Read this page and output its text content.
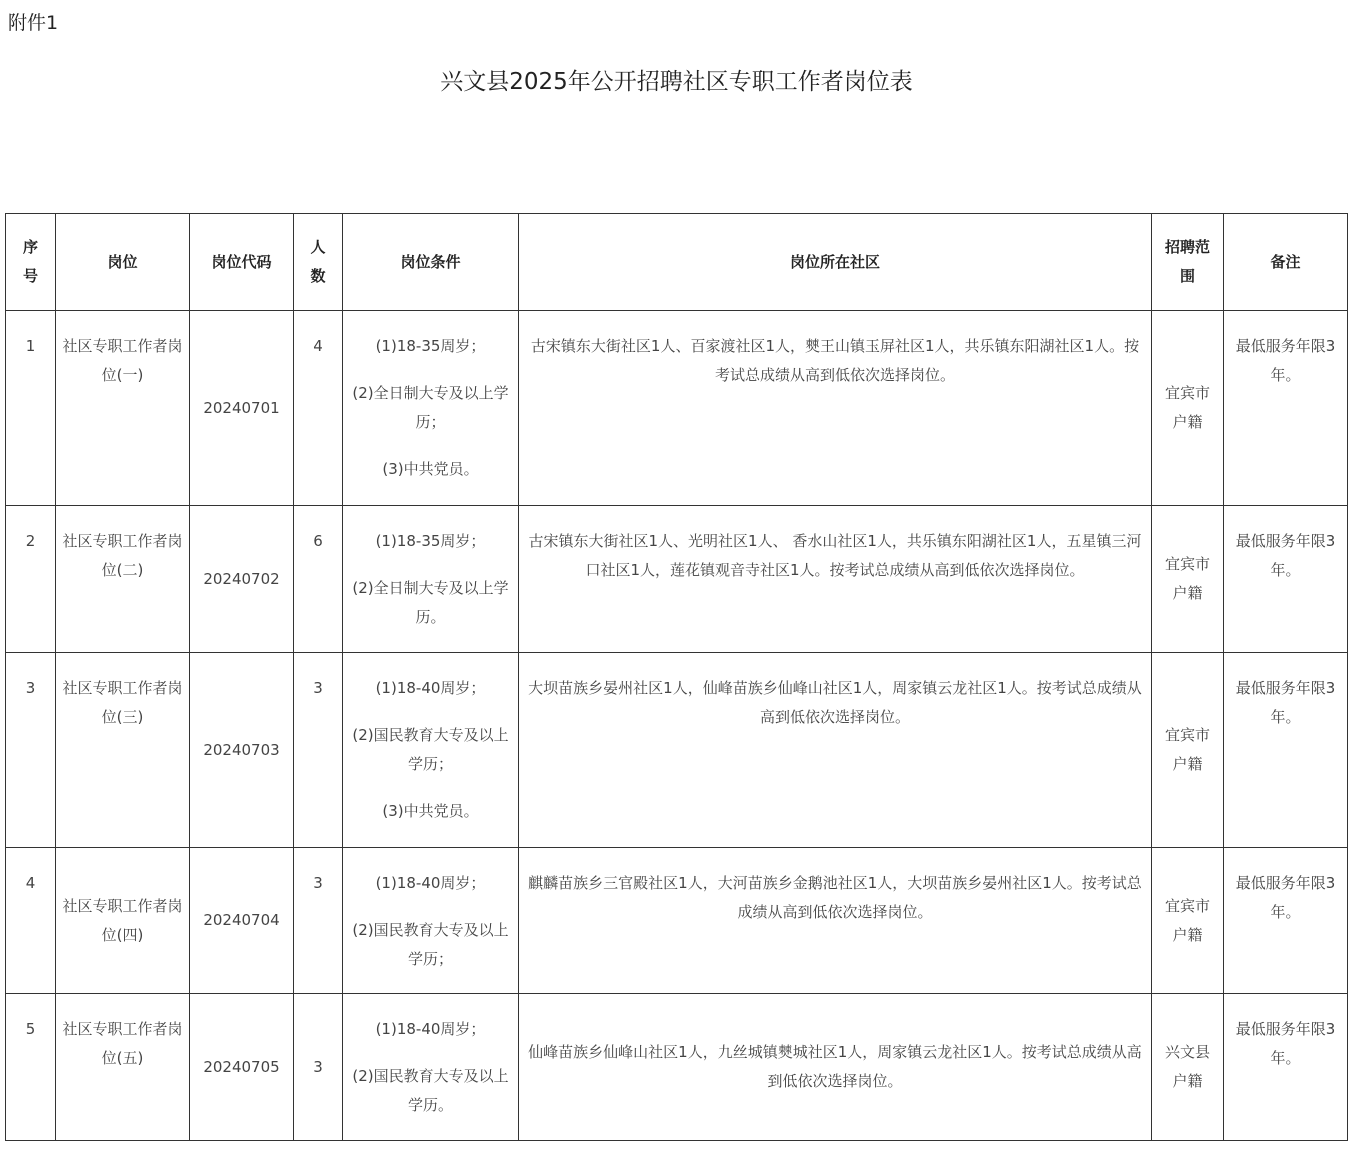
附件1
兴文县2025年公开招聘社区专职工作者岗位表
序号	岗位	岗位代码	人数	岗位条件	岗位所在社区	招聘范围	备注
1	社区专职工作者岗位(一)	20240701	4	(1)18-35周岁；

(2)全日制大专及以上学历；

(3)中共党员。	古宋镇东大街社区1人、百家渡社区1人，僰王山镇玉屏社区1人，共乐镇东阳湖社区1人。按考试总成绩从高到低依次选择岗位。	宜宾市户籍	最低服务年限3年。
2	社区专职工作者岗位(二)	20240702	6	(1)18-35周岁；

(2)全日制大专及以上学历。	古宋镇东大街社区1人、光明社区1人、 香水山社区1人，共乐镇东阳湖社区1人，五星镇三河口社区1人，莲花镇观音寺社区1人。按考试总成绩从高到低依次选择岗位。	宜宾市户籍	最低服务年限3年。
3	社区专职工作者岗位(三)	20240703	3	(1)18-40周岁；

(2)国民教育大专及以上学历；

(3)中共党员。	大坝苗族乡晏州社区1人，仙峰苗族乡仙峰山社区1人，周家镇云龙社区1人。按考试总成绩从高到低依次选择岗位。	宜宾市户籍	最低服务年限3年。
4	社区专职工作者岗位(四)	20240704	3	(1)18-40周岁；

(2)国民教育大专及以上学历；	麒麟苗族乡三官殿社区1人，大河苗族乡金鹅池社区1人，大坝苗族乡晏州社区1人。按考试总成绩从高到低依次选择岗位。	宜宾市户籍	最低服务年限3年。
5	社区专职工作者岗位(五)	20240705	3	(1)18-40周岁；

(2)国民教育大专及以上学历。	仙峰苗族乡仙峰山社区1人，九丝城镇僰城社区1人，周家镇云龙社区1人。按考试总成绩从高到低依次选择岗位。	兴文县户籍	最低服务年限3年。
